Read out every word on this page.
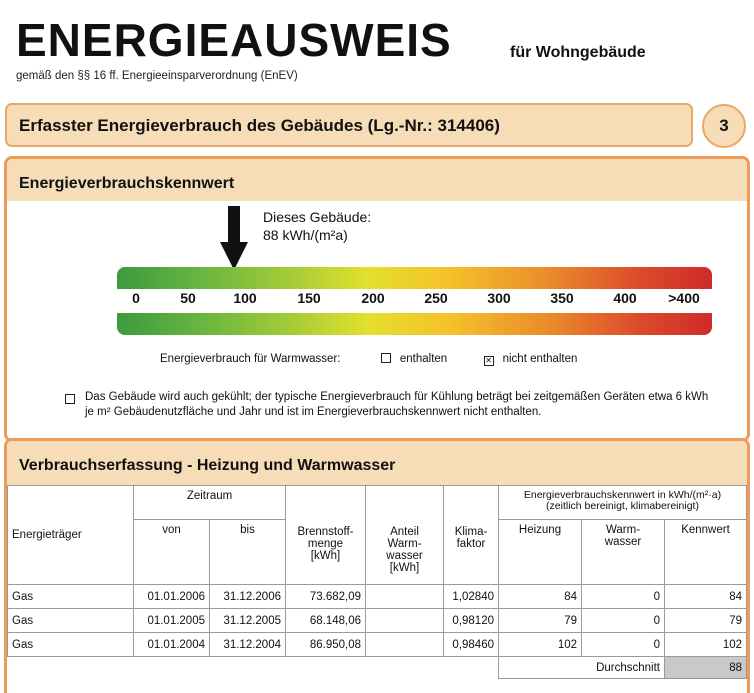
ENERGIEAUSWEIS	für Wohngebäude
gemäß den §§ 16 ff. Energieeinsparverordnung (EnEV)
Erfasster Energieverbrauch des Gebäudes (Lg.-Nr.: 314406)	3
Energieverbrauchskennwert
Dieses Gebäude:
88 kWh/(m²a)
0	50	100	150	200	250	300	350	400 >400
Energieverbrauch für Warmwasser:	enthalten	✕ nicht enthalten
Das Gebäude wird auch gekühlt; der typische Energieverbrauch für Kühlung beträgt bei zeitgemäßen Geräten etwa 6 kWh je m² Gebäudenutzfläche und Jahr und ist im Energieverbrauchskennwert nicht enthalten.
Verbrauchserfassung - Heizung und Warmwasser
Energieträger	Zeitraum		Brennstoff-
menge
[kWh]	Anteil
Warm-
wasser
[kWh]	Klima-
faktor	Energieverbrauchskennwert in kWh/(m²·a)
(zeitlich bereinigt, klimabereinigt)		
	von	bis				Heizung	Warm-
wasser	Kennwert
Gas	01.01.2006	31.12.2006	73.682,09		1,02840	84	0	84
Gas	01.01.2005	31.12.2005	68.148,06		0,98120	79	0	79
Gas	01.01.2004	31.12.2004	86.950,08		0,98460	102	0	102
						Durchschnitt		88
